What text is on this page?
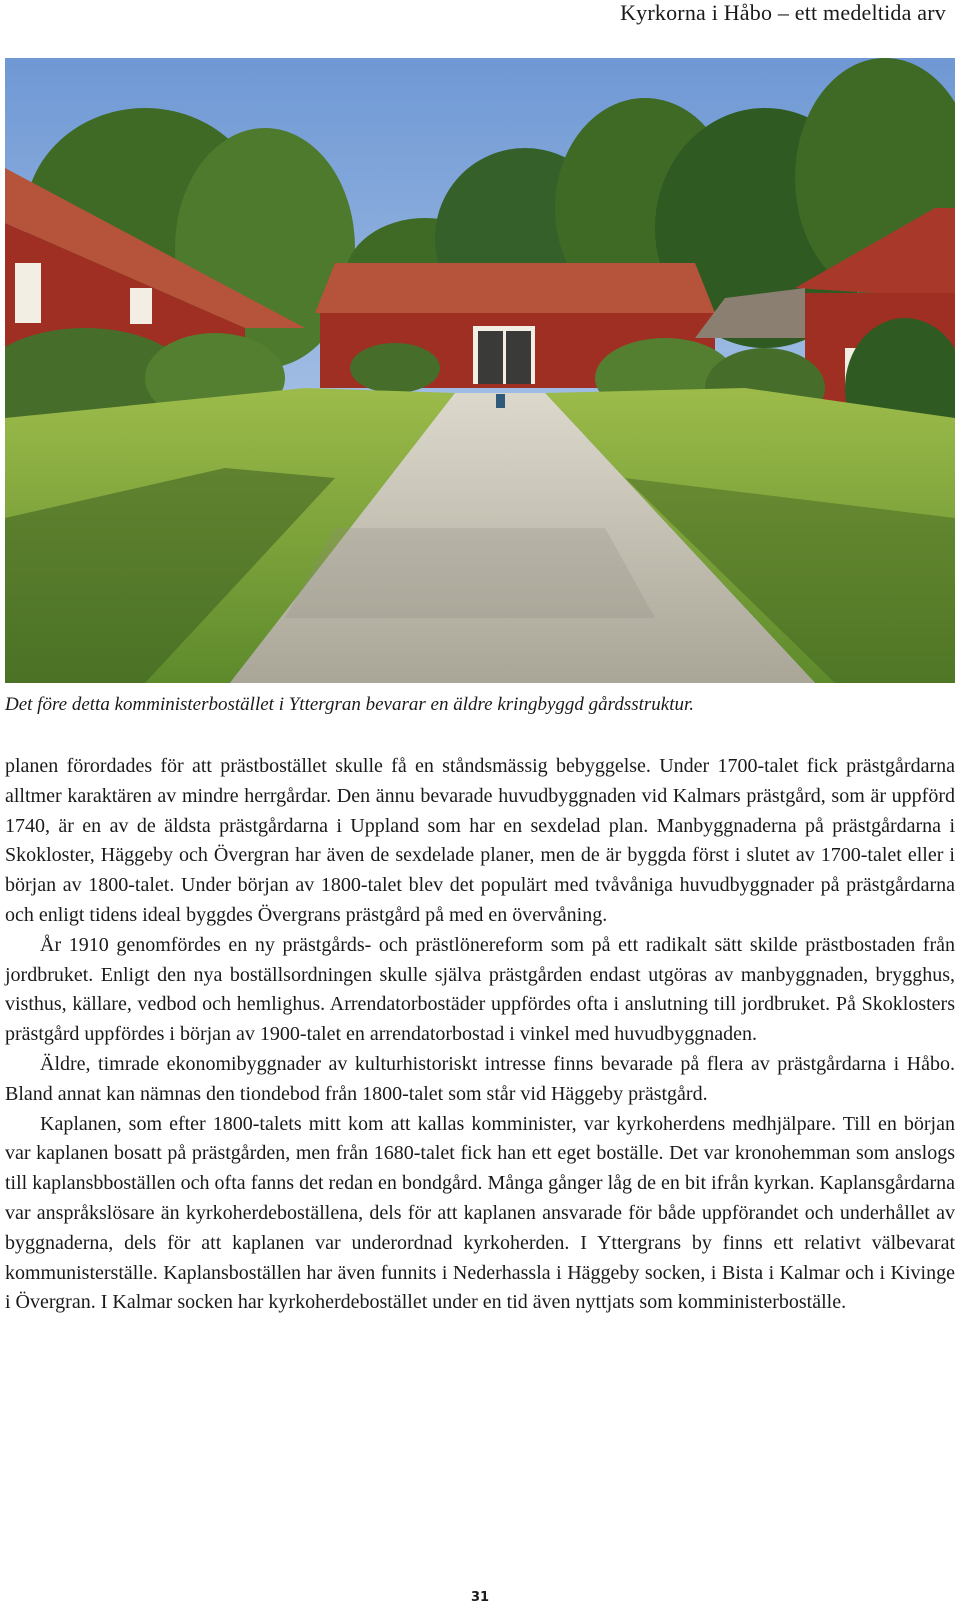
Kyrkorna i Håbo – ett medeltida arv
Det före detta komministerbostället i Yttergran bevarar en äldre kringbyggd gårdsstruktur.

planen förordades för att prästbostället skulle få en ståndsmässig bebyggelse. Under 1700-talet fick prästgårdarna alltmer karaktären av mindre herrgårdar. Den ännu bevarade huvudbyggnaden vid Kalmars prästgård, som är uppförd 1740, är en av de äldsta prästgårdarna i Uppland som har en sexdelad plan. Manbyggnaderna på prästgårdarna i Skokloster, Häggeby och Övergran har även de sexdelade planer, men de är byggda först i slutet av 1700-talet eller i början av 1800-talet. Under början av 1800-talet blev det populärt med tvåvåniga huvudbyggnader på prästgårdarna och enligt tidens ideal byggdes Övergrans prästgård på med en övervåning.

År 1910 genomfördes en ny prästgårds- och prästlönereform som på ett radikalt sätt skilde prästbostaden från jordbruket. Enligt den nya boställsordningen skulle själva prästgården endast utgöras av manbyggnaden, brygghus, visthus, källare, vedbod och hemlighus. Arrendatorbostäder uppfördes ofta i anslutning till jordbruket. På Skoklosters prästgård uppfördes i början av 1900-talet en arrendatorbostad i vinkel med huvudbyggnaden.

Äldre, timrade ekonomibyggnader av kulturhistoriskt intresse finns bevarade på flera av prästgårdarna i Håbo. Bland annat kan nämnas den tiondebod från 1800-talet som står vid Häggeby prästgård.

Kaplanen, som efter 1800-talets mitt kom att kallas komminister, var kyrkoherdens medhjälpare. Till en början var kaplanen bosatt på prästgården, men från 1680-talet fick han ett eget boställe. Det var kronohemman som anslogs till kaplansbboställen och ofta fanns det redan en bondgård. Många gånger låg de en bit ifrån kyrkan. Kaplansgårdarna var anspråkslösare än kyrkoherdeboställena, dels för att kaplanen ansvarade för både uppförandet och underhållet av byggnaderna, dels för att kaplanen var underordnad kyrkoherden. I Yttergrans by finns ett relativt välbevarat kommunisterställe. Kaplansboställen har även funnits i Nederhassla i Häggeby socken, i Bista i Kalmar och i Kivinge i Övergran. I Kalmar socken har kyrkoherdebostället under en tid även nyttjats som komministerboställe.

31
